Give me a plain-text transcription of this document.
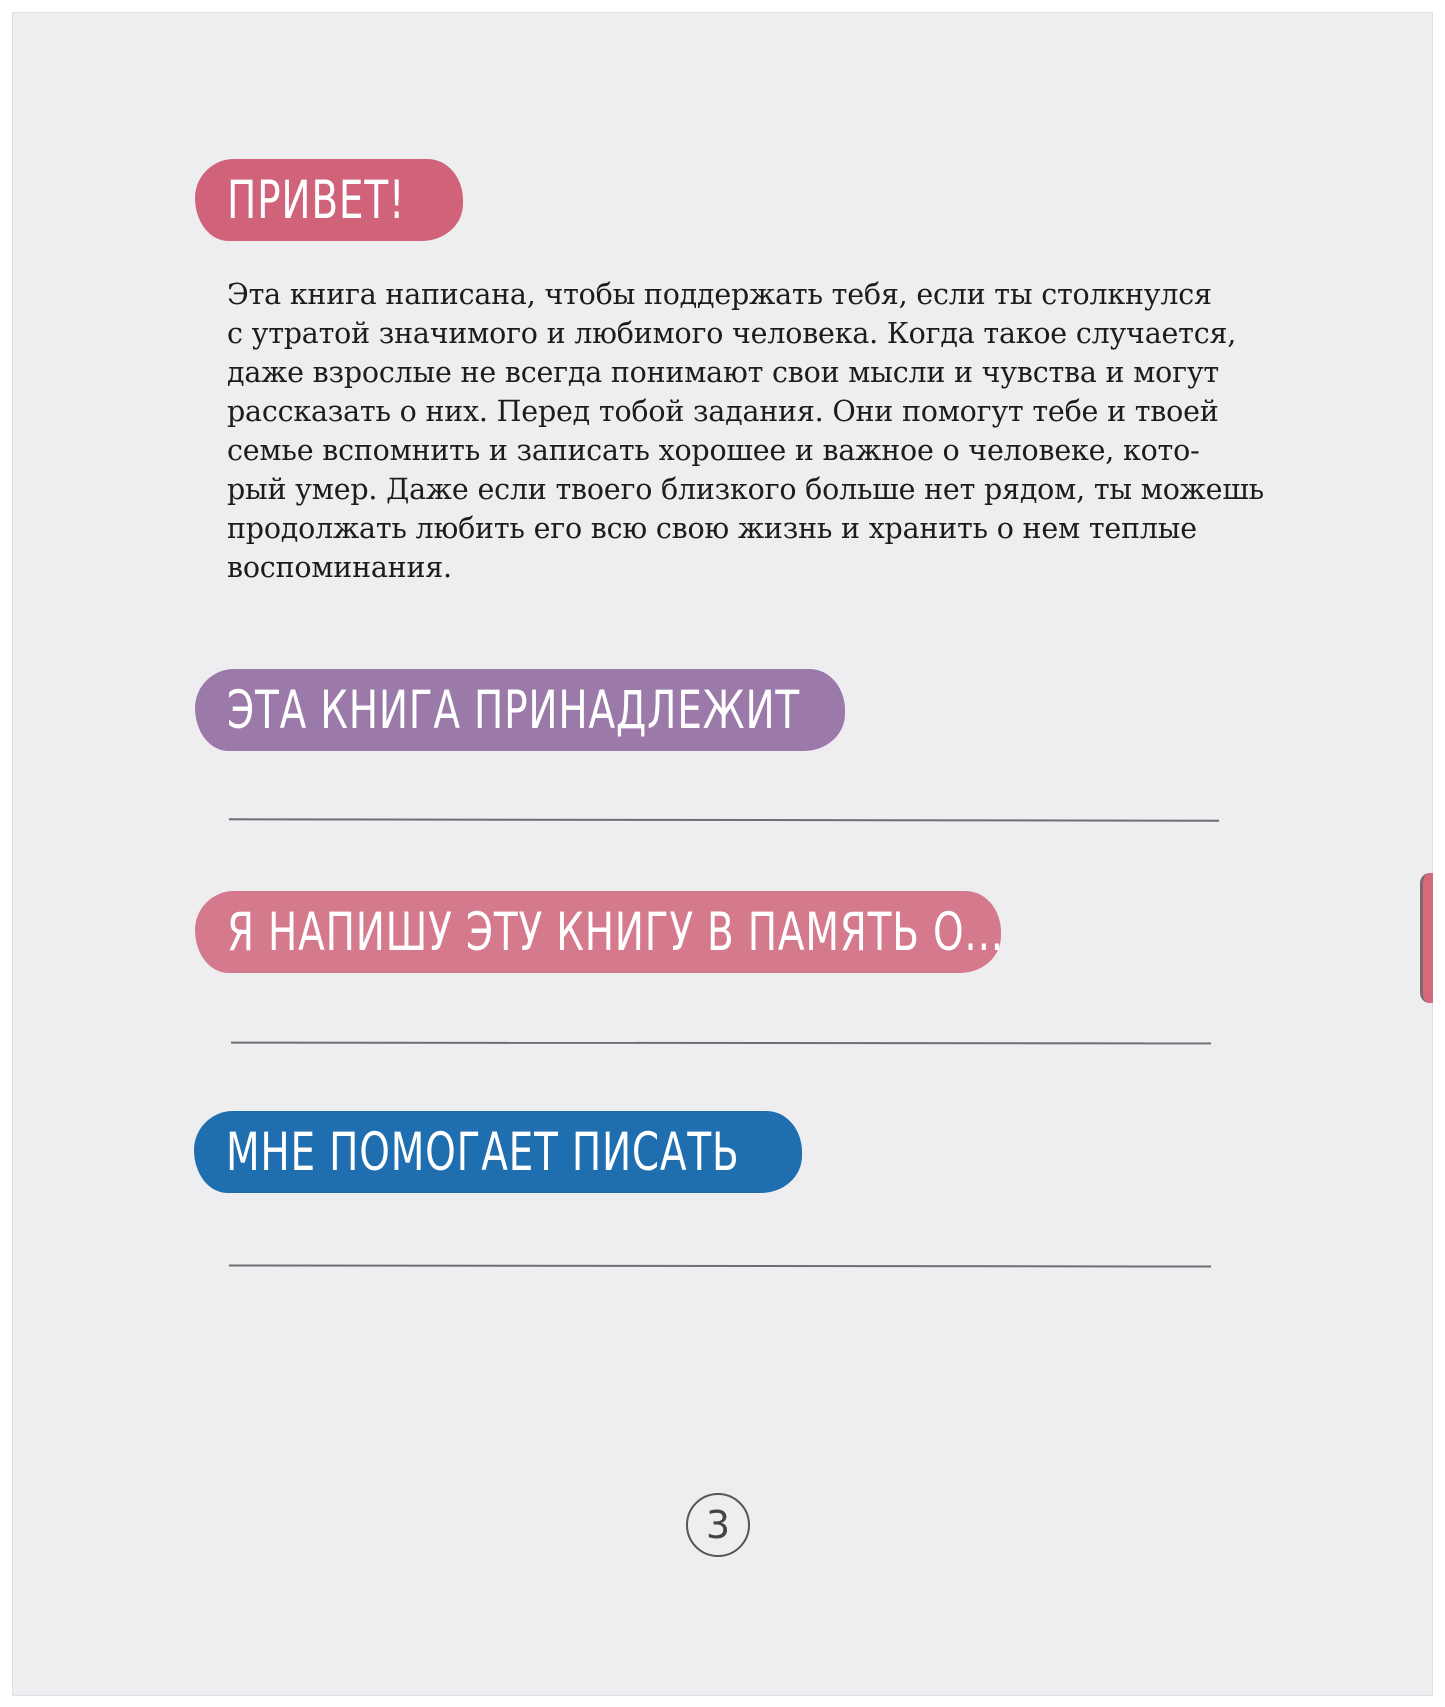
ПРИВЕТ!

Эта книга написана, чтобы поддержать тебя, если ты столкнулся
с утратой значимого и любимого человека. Когда такое случается,
даже взрослые не всегда понимают свои мысли и чувства и могут
рассказать о них. Перед тобой задания. Они помогут тебе и твоей
семье вспомнить и записать хорошее и важное о человеке, кото-
рый умер. Даже если твоего близкого больше нет рядом, ты можешь
продолжать любить его всю свою жизнь и хранить о нем теплые
воспоминания.

ЭТА КНИГА ПРИНАДЛЕЖИТ
Я НАПИШУ ЭТУ КНИГУ В ПАМЯТЬ О...
МНЕ ПОМОГАЕТ ПИСАТЬ
3
